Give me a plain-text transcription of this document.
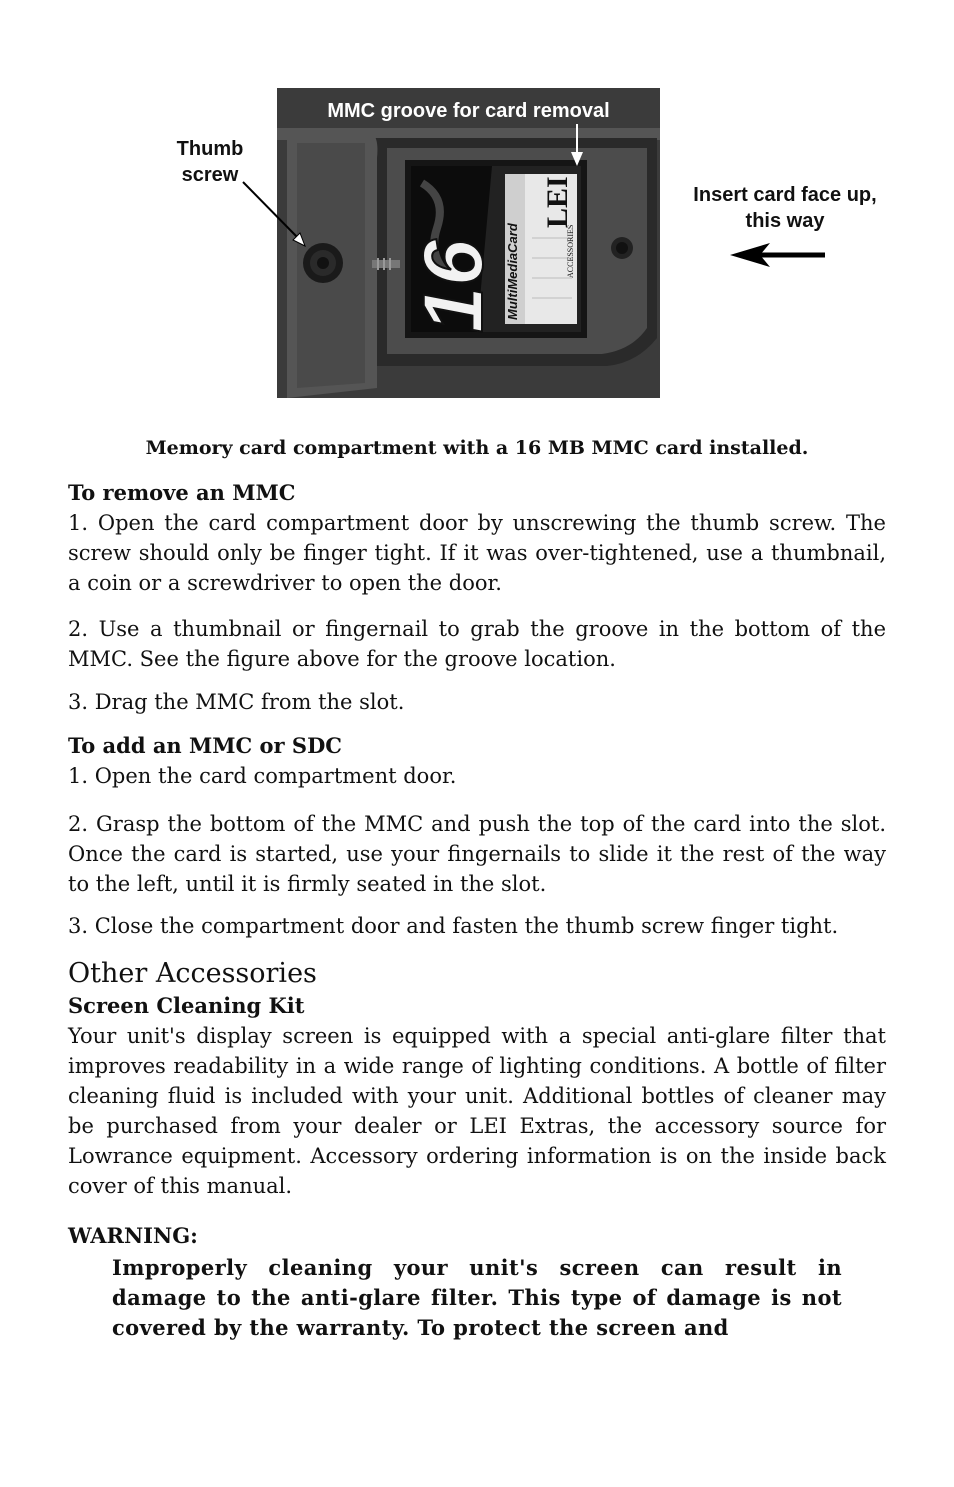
LEI
ACCESSORIES
MultiMediaCard
16
MMC groove for card removal
Thumb
screw
Insert card face up,
this way
Memory card compartment with a 16 MB MMC card installed.

To remove an MMC

1. Open the card compartment door by unscrewing the thumb screw. The screw should only be finger tight. If it was over-tightened, use a thumbnail, a coin or a screwdriver to open the door.

2. Use a thumbnail or fingernail to grab the groove in the bottom of the MMC. See the figure above for the groove location.

3. Drag the MMC from the slot.

To add an MMC or SDC

1. Open the card compartment door.

2. Grasp the bottom of the MMC and push the top of the card into the slot. Once the card is started, use your fingernails to slide it the rest of the way to the left, until it is firmly seated in the slot.

3. Close the compartment door and fasten the thumb screw finger tight.

Other Accessories

Screen Cleaning Kit

Your unit's display screen is equipped with a special anti-glare filter that improves readability in a wide range of lighting conditions. A bottle of filter cleaning fluid is included with your unit. Additional bottles of cleaner may be purchased from your dealer or LEI Extras, the accessory source for Lowrance equipment. Accessory ordering information is on the inside back cover of this manual.

WARNING:

Improperly cleaning your unit's screen can result in damage to the anti-glare filter. This type of damage is not covered by the warranty. To protect the screen and
